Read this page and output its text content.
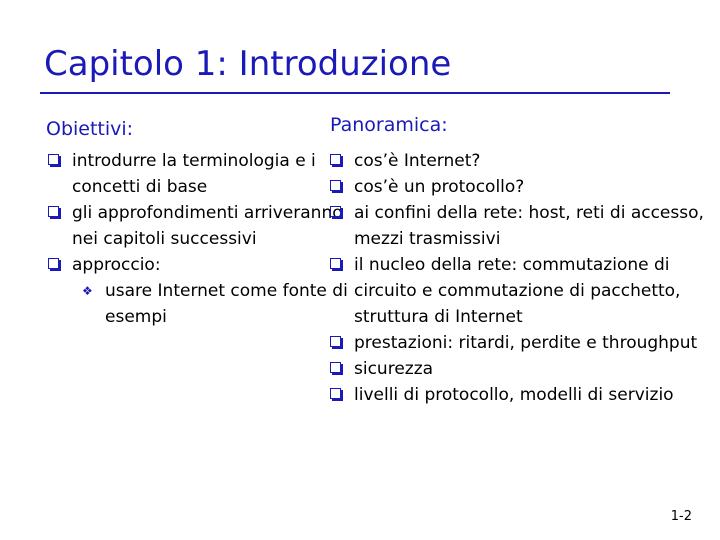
Capitolo 1: Introduzione
Obiettivi:
introdurre la terminologia e i concetti di base
gli approfondimenti arriveranno nei capitoli successivi
approccio:
❖ usare Internet come fonte di esempi
Panoramica:
cos’è Internet?
cos’è un protocollo?
ai confini della rete: host, reti di accesso, mezzi trasmissivi
il nucleo della rete: commutazione di circuito e commutazione di pacchetto, struttura di Internet
prestazioni: ritardi, perdite e throughput
sicurezza
livelli di protocollo, modelli di servizio
1-2
